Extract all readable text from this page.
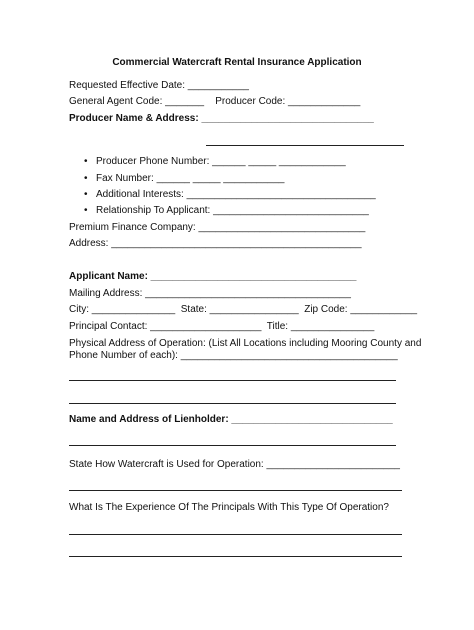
Commercial Watercraft Rental Insurance Application
Requested Effective Date: ___________
General Agent Code: _______    Producer Code: _____________
Producer Name & Address: _______________________________
• Producer Phone Number: ______ _____ ____________
• Fax Number: ______ _____ ___________
• Additional Interests: __________________________________
• Relationship To Applicant: ____________________________
Premium Finance Company: ______________________________
Address: _____________________________________________
Applicant Name: _____________________________________
Mailing Address: _____________________________________
City: _______________  State: ________________  Zip Code: ____________
Principal Contact: ____________________  Title: _______________
Physical Address of Operation: (List All Locations including Mooring County and
Phone Number of each): _______________________________________
Name and Address of Lienholder: _____________________________
State How Watercraft is Used for Operation: ________________________
What Is The Experience Of The Principals With This Type Of Operation?
